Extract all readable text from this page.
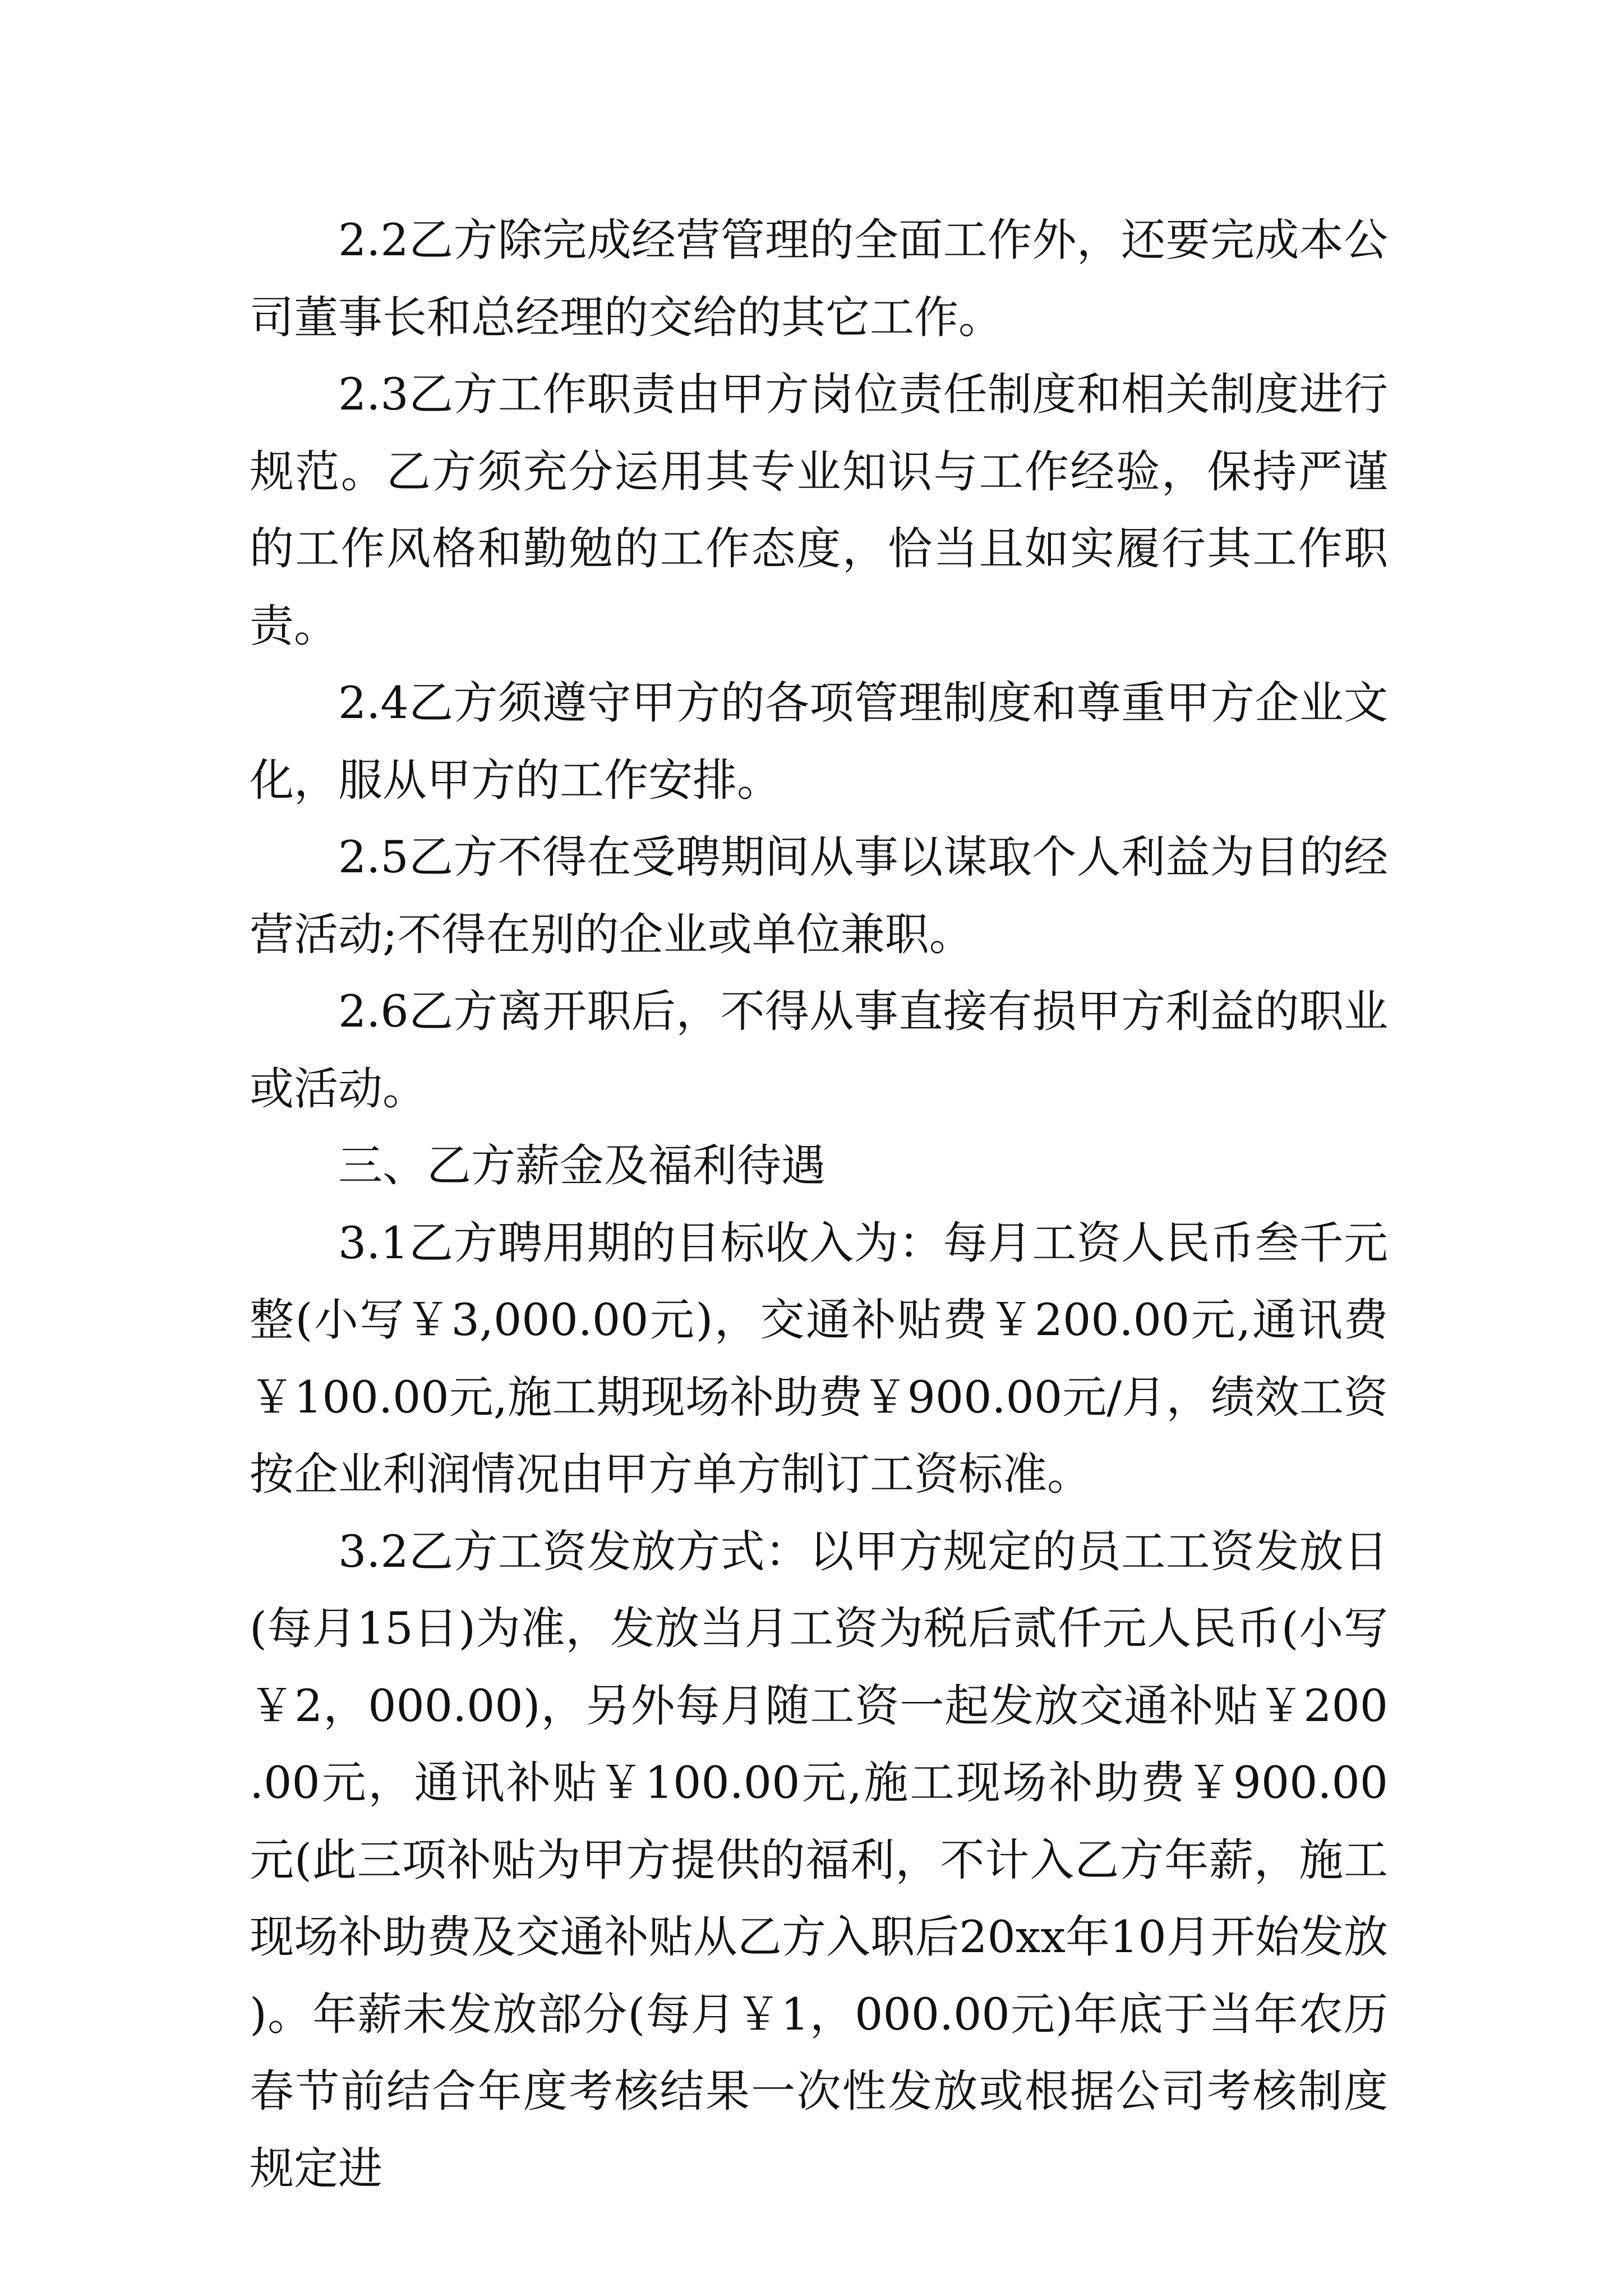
2.2乙方除完成经营管理的全面工作外，还要完成本公司董事长和总经理的交给的其它工作。

2.3乙方工作职责由甲方岗位责任制度和相关制度进行规范。乙方须充分运用其专业知识与工作经验，保持严谨的工作风格和勤勉的工作态度，恰当且如实履行其工作职责。

2.4乙方须遵守甲方的各项管理制度和尊重甲方企业文化，服从甲方的工作安排。

2.5乙方不得在受聘期间从事以谋取个人利益为目的经营活动;不得在别的企业或单位兼职。

2.6乙方离开职后，不得从事直接有损甲方利益的职业或活动。

三、乙方薪金及福利待遇

3.1乙方聘用期的目标收入为：每月工资人民币叁千元整(小写￥3,000.00元)，交通补贴费￥200.00元,通讯费￥100.00元,施工期现场补助费￥900.00元/月，绩效工资按企业利润情况由甲方单方制订工资标准。

3.2乙方工资发放方式：以甲方规定的员工工资发放日(每月15日)为准，发放当月工资为税后贰仟元人民币(小写￥2，000.00)，另外每月随工资一起发放交通补贴￥200.00元，通讯补贴￥100.00元,施工现场补助费￥900.00元(此三项补贴为甲方提供的福利，不计入乙方年薪，施工现场补助费及交通补贴从乙方入职后20xx年10月开始发放)。年薪未发放部分(每月￥1，000.00元)年底于当年农历春节前结合年度考核结果一次性发放或根据公司考核制度规定进
